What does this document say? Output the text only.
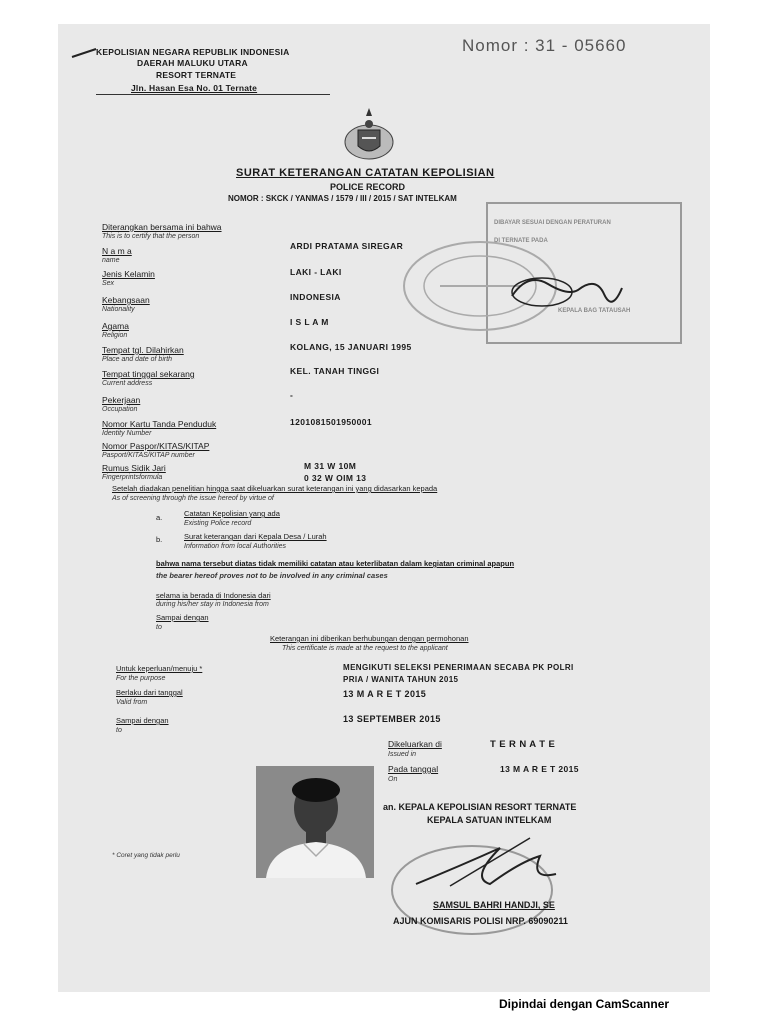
KEPOLISIAN NEGARA REPUBLIK INDONESIA
DAERAH MALUKU UTARA
RESORT TERNATE
Jln. Hasan Esa No. 01 Ternate
Nomor : 31 - 05660
SURAT KETERANGAN CATATAN KEPOLISIAN
POLICE RECORD
NOMOR : SKCK / YANMAS / 1579 / III / 2015 / SAT INTELKAM
DIBAYAR SESUAI DENGAN PERATURAN
DI TERNATE PADA
KEPALA BAG TATAUSAH
Diterangkan bersama ini bahwa
This is to certify that the person
N a m a
name
ARDI PRATAMA SIREGAR
Jenis Kelamin
Sex
LAKI - LAKI
Kebangsaan
Nationality
INDONESIA
Agama
Religion
I S L A M
Tempat tgl. Dilahirkan
Place and date of birth
KOLANG, 15 JANUARI 1995
Tempat tinggal sekarang
Current address
KEL. TANAH TINGGI
Pekerjaan
Occupation
-
Nomor Kartu Tanda Penduduk
Identity Number
1201081501950001
Nomor Paspor/KITAS/KITAP
Pasport/KITAS/KITAP number
Rumus Sidik Jari
Fingerprintsformula
M 31 W 10M
0 32 W OIM 13
Setelah diadakan penelitian hingga saat dikeluarkan surat keterangan ini yang didasarkan kepada
As of screening through the issue hereof by virtue of
a.	Catatan Kepolisian yang ada
Existing Police record
b.	Surat keterangan dari Kepala Desa / Lurah
Information from local Authorities
bahwa nama tersebut diatas tidak memiliki catatan atau keterlibatan dalam kegiatan criminal apapun
the bearer hereof proves not to be involved in any criminal cases
selama ia berada di Indonesia dari
during his/her stay in Indonesia from
Sampai dengan
to
Keterangan ini diberikan berhubungan dengan permohonan
This certificate is made at the request to the applicant
Untuk keperluan/menuju *
For the purpose
MENGIKUTI SELEKSI PENERIMAAN SECABA PK POLRI
PRIA / WANITA TAHUN 2015
Berlaku dari tanggal
Valid from
13 M A R E T 2015
Sampai dengan
to
13 SEPTEMBER 2015
Dikeluarkan di
Issued in
T E R N A T E
Pada tanggal
On
13 M A R E T 2015
an. KEPALA KEPOLISIAN RESORT TERNATE
KEPALA SATUAN INTELKAM
SAMSUL BAHRI HANDJI, SE
AJUN KOMISARIS POLISI NRP. 69090211
* Coret yang tidak perlu
Dipindai dengan CamScanner
